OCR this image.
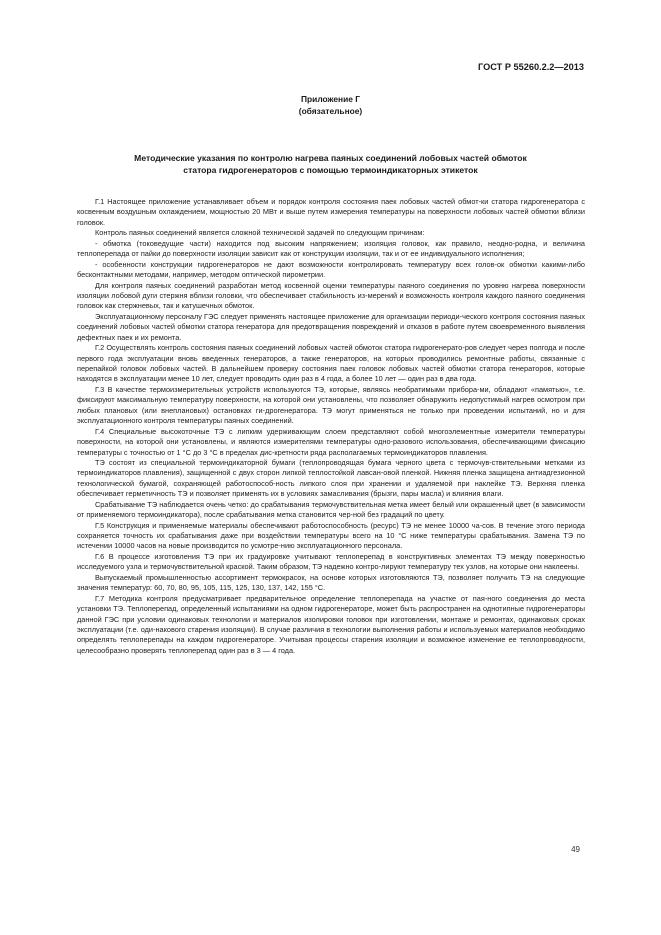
ГОСТ Р 55260.2.2—2013
Приложение Г
(обязательное)
Методические указания по контролю нагрева паяных соединений лобовых частей обмоток
статора гидрогенераторов с помощью термоиндикаторных этикеток

Г.1 Настоящее приложение устанавливает объем и порядок контроля состояния паек лобовых частей обмот-ки статора гидрогенератора с косвенным воздушным охлаждением, мощностью 20 МВт и выше путем измерения температуры на поверхности лобовых частей обмотки вблизи головок.

Контроль паяных соединений является сложной технической задачей по следующим причинам:

- обмотка (токоведущие части) находится под высоким напряжением; изоляция головок, как правило, неодно-родна, и величина теплоперепада от пайки до поверхности изоляции зависит как от конструкции изоляции, так и от ее индивидуального исполнения;

- особенности конструкции гидрогенераторов не дают возможности контролировать температуру всех голов-ок обмотки какими-либо бесконтактными методами, например, методом оптической пирометрии.

Для контроля паяных соединений разработан метод косвенной оценки температуры паяного соединения по уровню нагрева поверхности изоляции лобовой дуги стержня вблизи головки, что обеспечивает стабильность из-мерений и возможность контроля каждого паяного соединения головок как стержневых, так и катушечных обмоток.

Эксплуатационному персоналу ГЭС следует применять настоящее приложение для организации периоди-ческого контроля состояния паяных соединений лобовых частей обмотки статора генератора для предотвращения повреждений и отказов в работе путем своевременного выявления дефектных паек и их ремонта.

Г.2 Осуществлять контроль состояния паяных соединений лобовых частей обмоток статора гидрогенерато-ров следует через полгода и после первого года эксплуатации вновь введенных генераторов, а также генераторов, на которых проводились ремонтные работы, связанные с перепайкой головок лобовых частей. В дальнейшем проверку состояния паек головок лобовых частей обмотки статора генераторов, которые находятся в эксплуатации менее 10 лет, следует проводить один раз в 4 года, а более 10 лет — один раз в два года.

Г.3 В качестве термоизмерительных устройств используются ТЭ, которые, являясь необратимыми прибора-ми, обладают «памятью», т.е. фиксируют максимальную температуру поверхности, на которой они установлены, что позволяет обнаружить недопустимый нагрев осмотром при любых плановых (или внеплановых) остановках ги-дрогенератора. ТЭ могут применяться не только при проведении испытаний, но и для эксплуатационного контроля температуры паяных соединений.

Г.4 Специальные высокоточные ТЭ с липким удерживающим слоем представляют собой многоэлементные измерители температуры поверхности, на которой они установлены, и являются измерителями температуры одно-разового использования, обеспечивающими фиксацию температуры с точностью от 1 °С до 3 °С в пределах дис-кретности ряда располагаемых термоиндикаторов плавления.

ТЭ состоят из специальной термоиндикаторной бумаги (теплопроводящая бумага черного цвета с термочув-ствительными метками из термоиндикаторов плавления), защищенной с двух сторон липкой теплостойкой лавсан-овой пленкой. Нижняя пленка защищена антиадгезионной технологической бумагой, сохраняющей работоспособ-ность липкого слоя при хранении и удаляемой при наклейке ТЭ. Верхняя пленка обеспечивает герметичность ТЭ и позволяет применять их в условиях замасливания (брызги, пары масла) и влияния влаги.

Срабатывание ТЭ наблюдается очень четко: до срабатывания термочувствительная метка имеет белый или окрашенный цвет (в зависимости от применяемого термоиндикатора), после срабатывания метка становится чер-ной без градаций по цвету.

Г.5 Конструкция и применяемые материалы обеспечивают работоспособность (ресурс) ТЭ не менее 10000 ча-сов. В течение этого периода сохраняется точность их срабатывания даже при воздействии температуры всего на 10 °С ниже температуры срабатывания. Замена ТЭ по истечении 10000 часов на новые производится по усмотре-нию эксплуатационного персонала.

Г.6 В процессе изготовления ТЭ при их градуировке учитывают теплоперепад в конструктивных элементах ТЭ между поверхностью исследуемого узла и термочувствительной краской. Таким образом, ТЭ надежно контро-лируют температуру тех узлов, на которые они наклеены.

Выпускаемый промышленностью ассортимент термокрасок, на основе которых изготовляются ТЭ, позволяет получить ТЭ на следующие значения температур: 60, 70, 80, 95, 105, 115, 125, 130, 137, 142, 155 °С.

Г.7 Методика контроля предусматривает предварительное определение теплоперепада на участке от пая-ного соединения до места установки ТЭ. Теплоперепад, определенный испытаниями на одном гидрогенераторе, может быть распространен на однотипные гидрогенераторы данной ГЭС при условии одинаковых технологии и материалов изолировки головок при изготовлении, монтаже и ремонтах, одинаковых сроках эксплуатации (т.е. оди-накового старения изоляции). В случае различия в технологии выполнения работы и используемых материалов необходимо определять теплоперепады на каждом гидрогенераторе. Учитывая процессы старения изоляции и возможное изменение ее теплопроводности, целесообразно проверять теплоперепад один раз в 3 — 4 года.

49
